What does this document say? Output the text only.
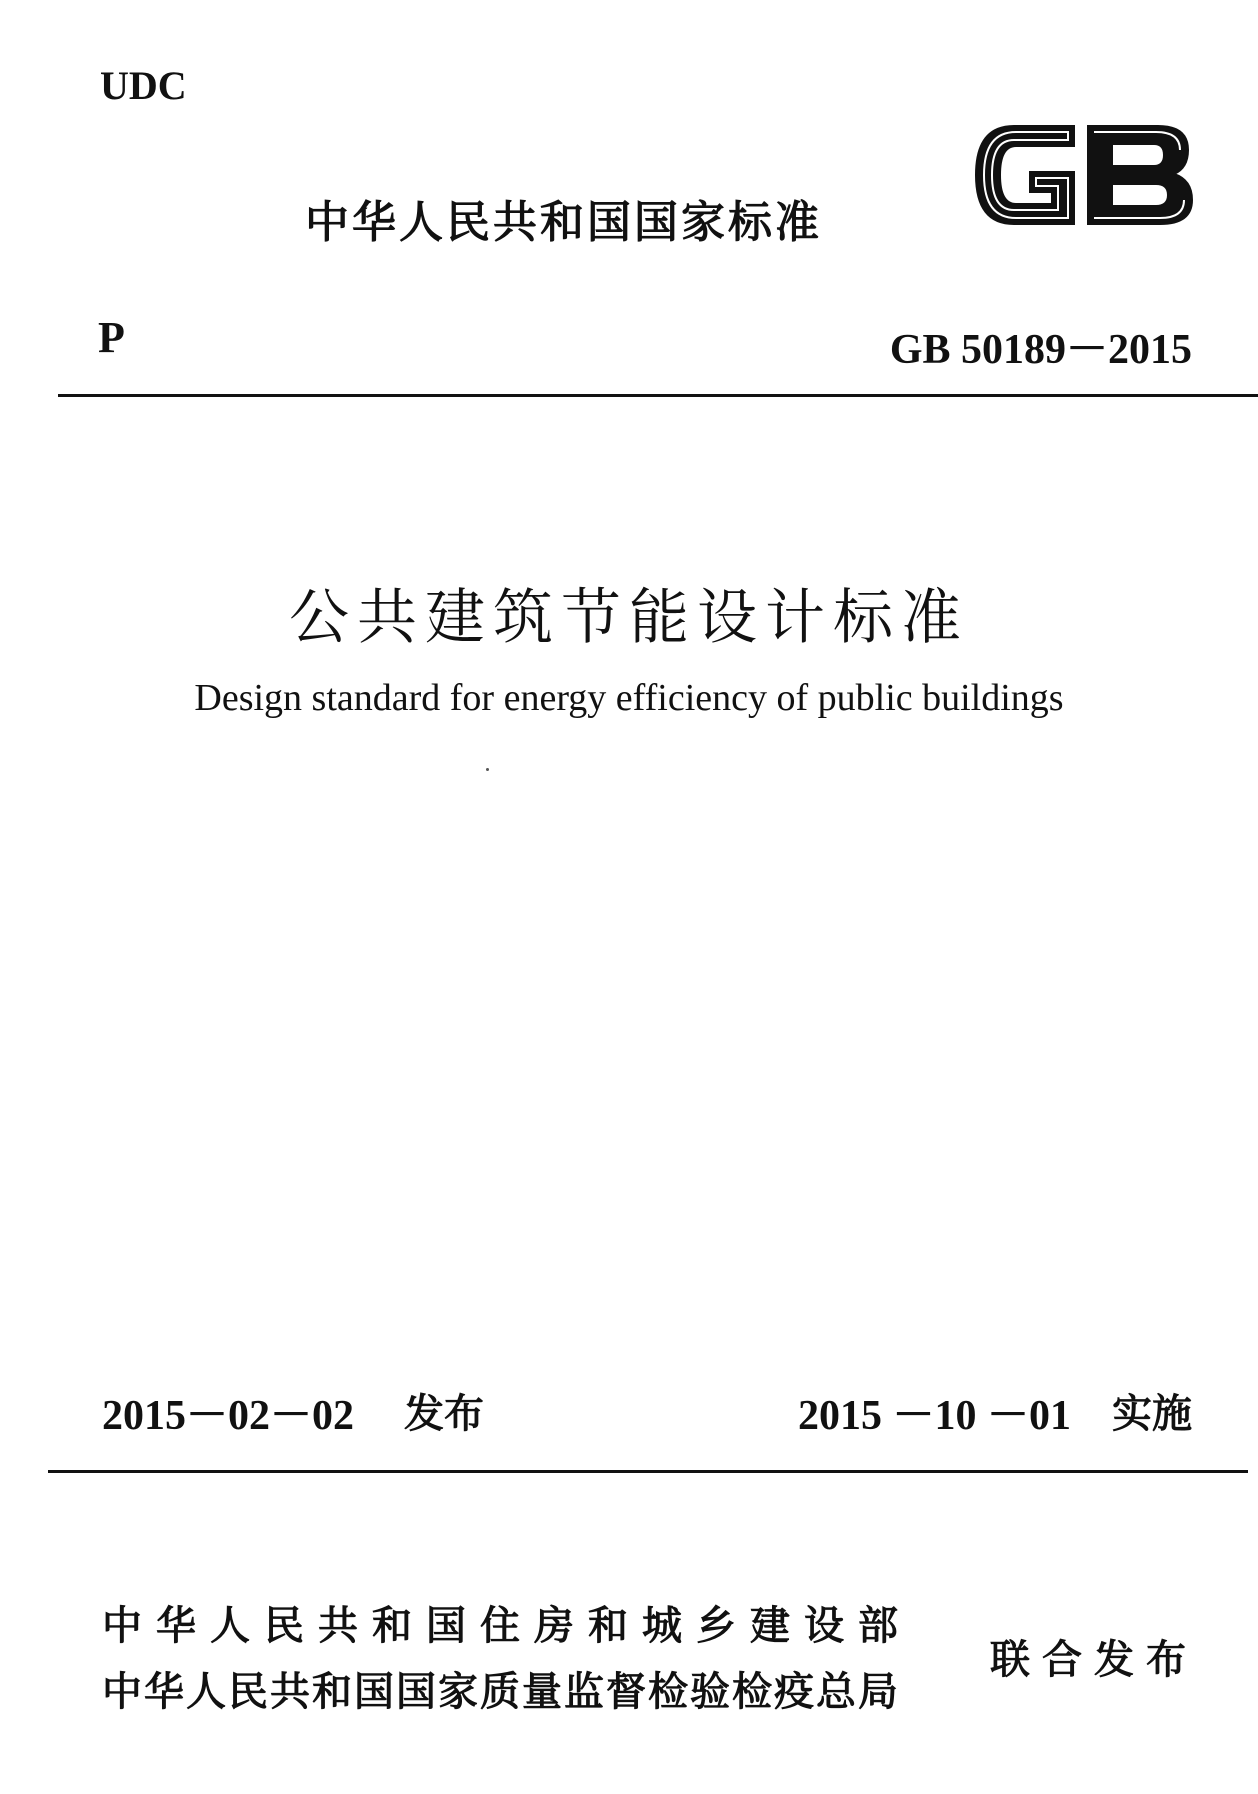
UDC
中华人民共和国国家标准
P	GB 50189－2015
公共建筑节能设计标准
Design standard for energy efficiency of public buildings
2015－02－02 发布	2015 －10 －01 实施
中华人民共和国住房和城乡建设部
中华人民共和国国家质量监督检验检疫总局
联合发布
